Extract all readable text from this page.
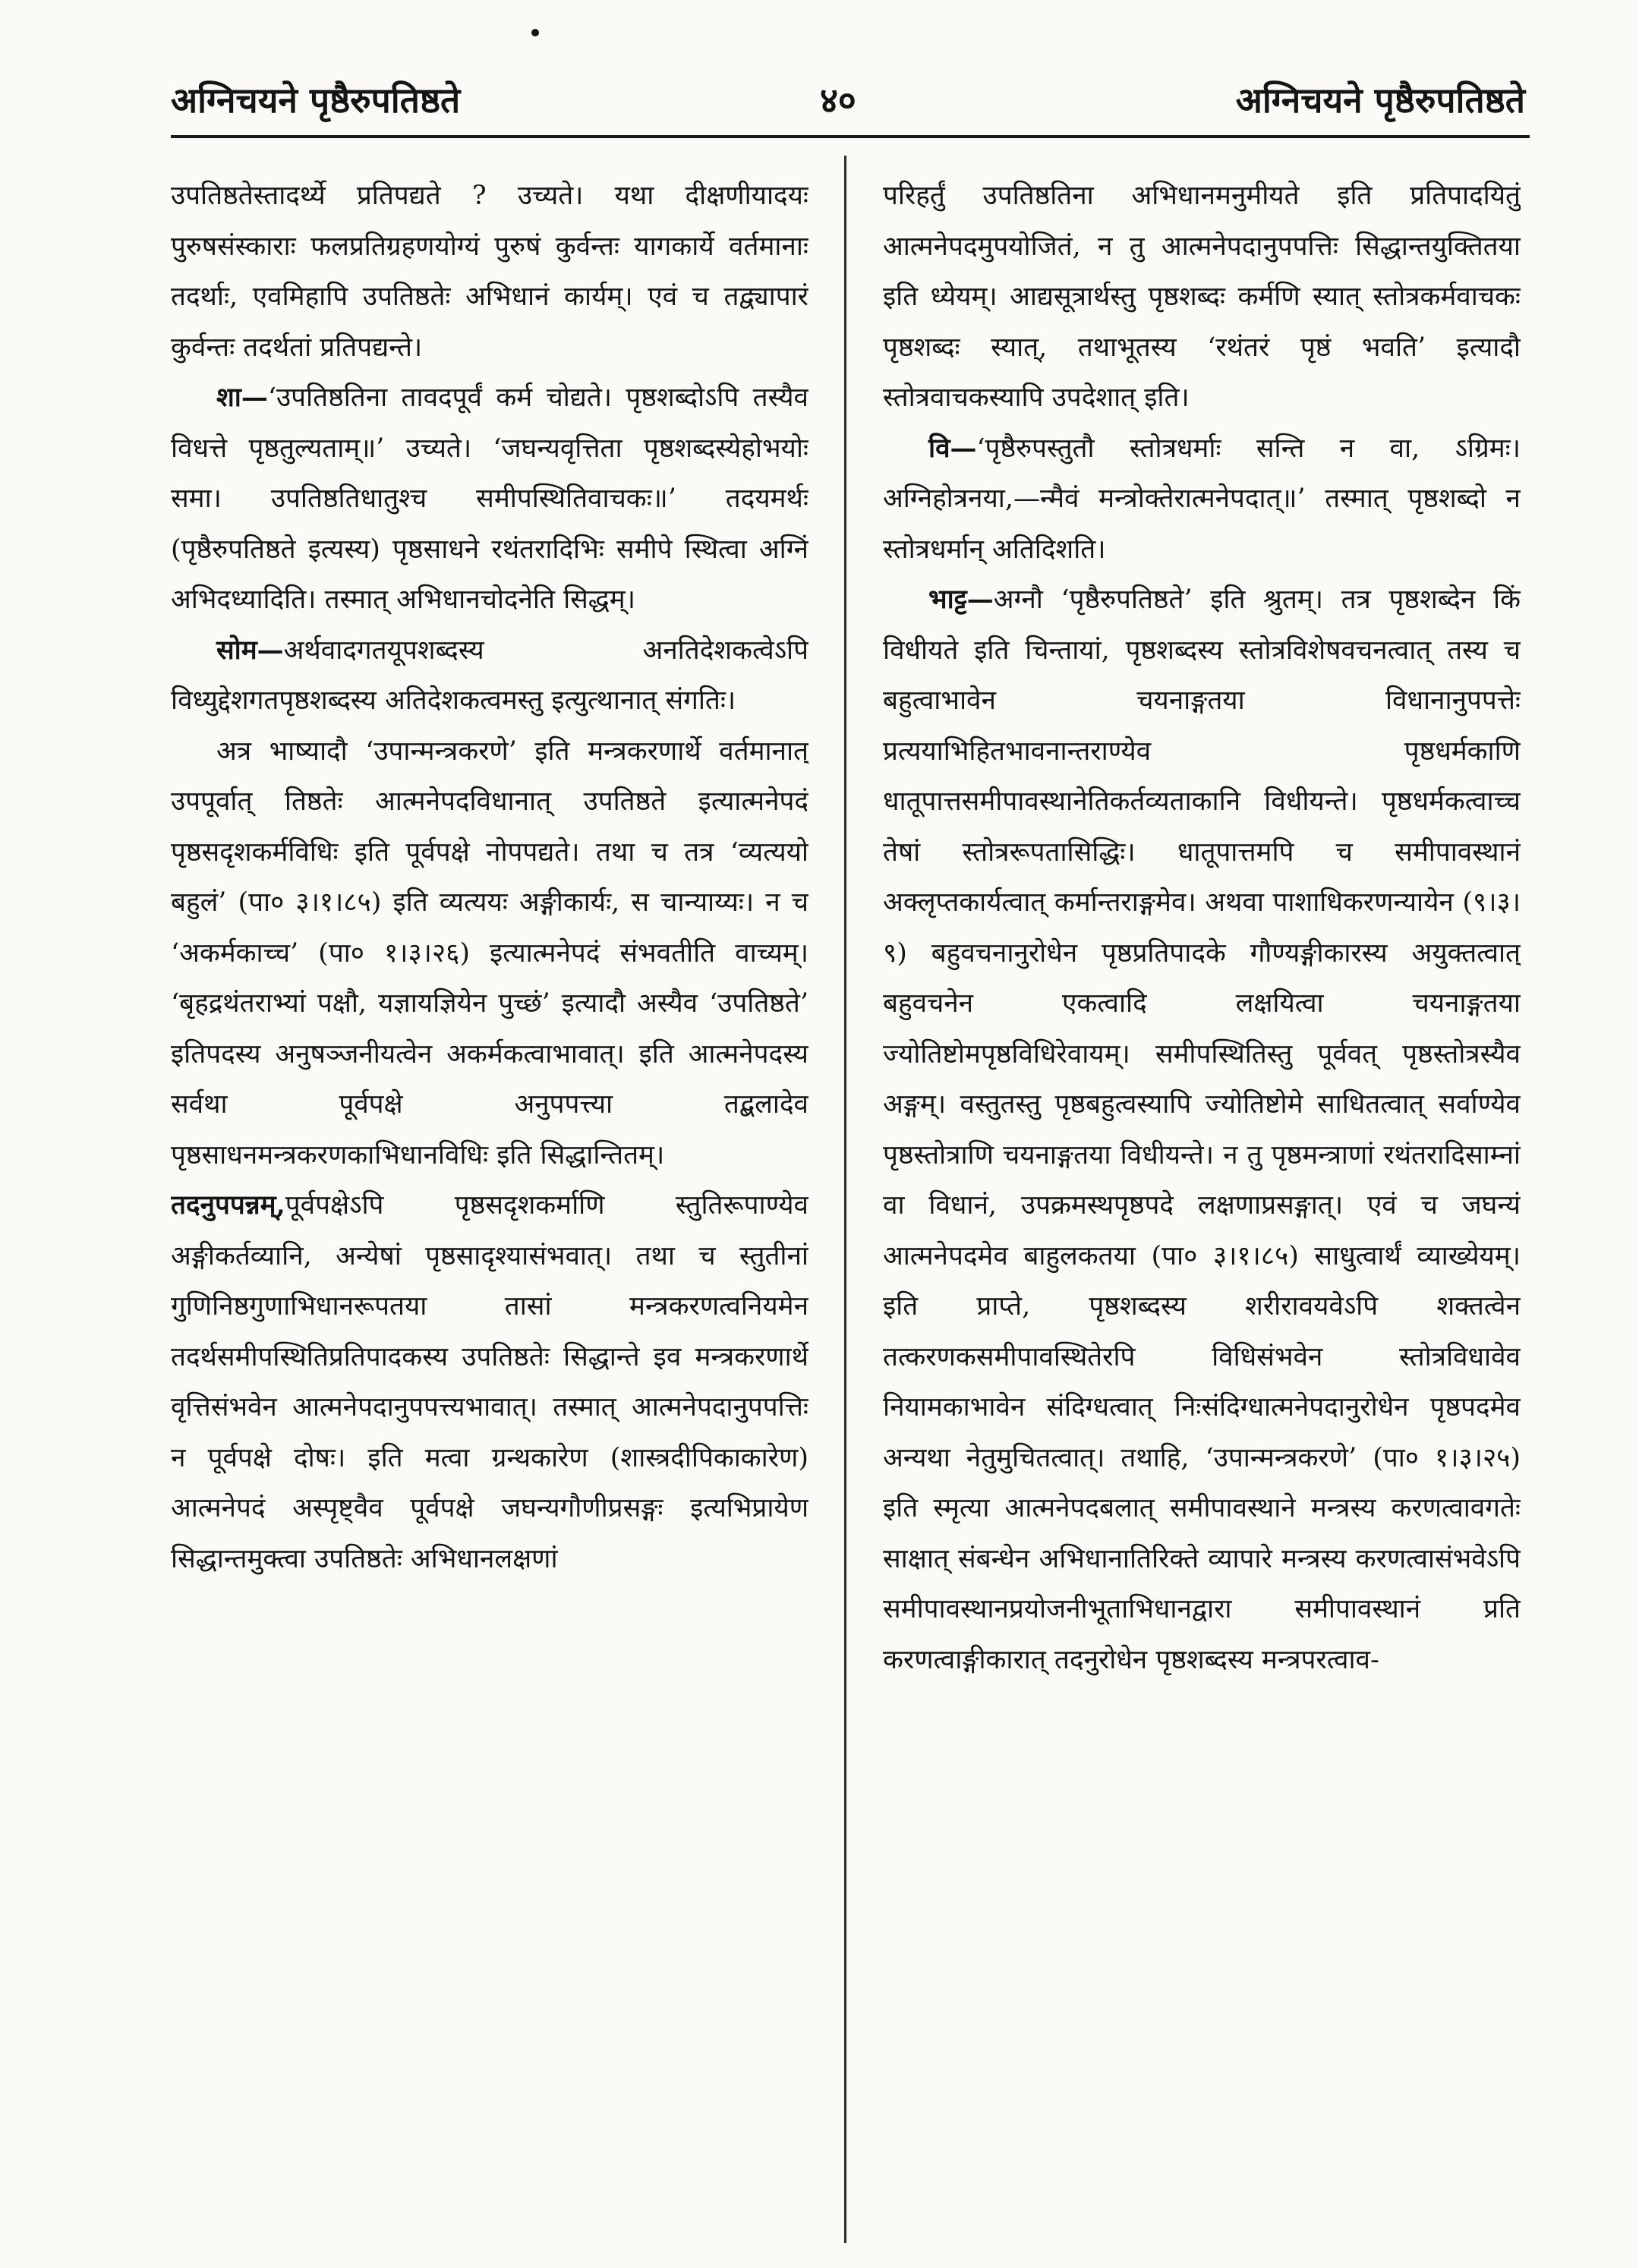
अग्निचयने पृष्ठैरुपतिष्ठते	४०	अग्निचयने पृष्ठैरुपतिष्ठते

उपतिष्ठतेस्तादर्थ्ये प्रतिपद्यते ? उच्यते। यथा दीक्षणीयादयः पुरुषसंस्काराः फलप्रतिग्रहणयोग्यं पुरुषं कुर्वन्तः यागकार्ये वर्तमानाः तदर्थाः, एवमिहापि उपतिष्ठतेः अभिधानं कार्यम्। एवं च तद्व्यापारं कुर्वन्तः तदर्थतां प्रतिपद्यन्ते।

शा—‘उपतिष्ठतिना तावदपूर्वं कर्म चोद्यते। पृष्ठशब्दोऽपि तस्यैव विधत्ते पृष्ठतुल्यताम्॥’ उच्यते। ‘जघन्यवृत्तिता पृष्ठशब्दस्येहोभयोः समा। उपतिष्ठतिधातुश्च समीपस्थितिवाचकः॥’ तदयमर्थः (पृष्ठैरुपतिष्ठते इत्यस्य) पृष्ठसाधने रथंतरादिभिः समीपे स्थित्वा अग्निं अभिदध्यादिति। तस्मात् अभिधानचोदनेति सिद्धम्।

सोम—अर्थवादगतयूपशब्दस्य अनतिदेशकत्वेऽपि विध्युद्देशगतपृष्ठशब्दस्य अतिदेशकत्वमस्तु इत्युत्थानात् संगतिः।

अत्र भाष्यादौ ‘उपान्मन्त्रकरणे’ इति मन्त्रकरणार्थे वर्तमानात् उपपूर्वात् तिष्ठतेः आत्मनेपदविधानात् उपतिष्ठते इत्यात्मनेपदं पृष्ठसदृशकर्मविधिः इति पूर्वपक्षे नोपपद्यते। तथा च तत्र ‘व्यत्ययो बहुलं’ (पा० ३।१।८५) इति व्यत्ययः अङ्गीकार्यः, स चान्याय्यः। न च ‘अकर्मकाच्च’ (पा० १।३।२६) इत्यात्मनेपदं संभवतीति वाच्यम्। ‘बृहद्रथंतराभ्यां पक्षौ, यज्ञायज्ञियेन पुच्छं’ इत्यादौ अस्यैव ‘उपतिष्ठते’ इतिपदस्य अनुषञ्जनीयत्वेन अकर्मकत्वाभावात्। इति आत्मनेपदस्य सर्वथा पूर्वपक्षे अनुपपत्त्या तद्बलादेव पृष्ठसाधनमन्त्रकरणकाभिधानविधिः इति सिद्धान्तितम्।

तदनुपपन्नम्,पूर्वपक्षेऽपि पृष्ठसदृशकर्माणि स्तुतिरूपाण्येव अङ्गीकर्तव्यानि, अन्येषां पृष्ठसादृश्यासंभवात्। तथा च स्तुतीनां गुणिनिष्ठगुणाभिधानरूपतया तासां मन्त्रकरणत्वनियमेन तदर्थसमीपस्थितिप्रतिपादकस्य उपतिष्ठतेः सिद्धान्ते इव मन्त्रकरणार्थे वृत्तिसंभवेन आत्मनेपदानुपपत्त्यभावात्। तस्मात् आत्मनेपदानुपपत्तिः न पूर्वपक्षे दोषः। इति मत्वा ग्रन्थकारेण (शास्त्रदीपिकाकारेण) आत्मनेपदं अस्पृष्ट्वैव पूर्वपक्षे जघन्यगौणीप्रसङ्गः इत्यभिप्रायेण सिद्धान्तमुक्त्वा उपतिष्ठतेः अभिधानलक्षणां

परिहर्तुं उपतिष्ठतिना अभिधानमनुमीयते इति प्रतिपादयितुं आत्मनेपदमुपयोजितं, न तु आत्मनेपदानुपपत्तिः सिद्धान्तयुक्तितया इति ध्येयम्। आद्यसूत्रार्थस्तु पृष्ठशब्दः कर्मणि स्यात् स्तोत्रकर्मवाचकः पृष्ठशब्दः स्यात्, तथाभूतस्य ‘रथंतरं पृष्ठं भवति’ इत्यादौ स्तोत्रवाचकस्यापि उपदेशात् इति।

वि—‘पृष्ठैरुपस्तुतौ स्तोत्रधर्माः सन्ति न वा, ऽग्रिमः। अग्निहोत्रनया,—न्मैवं मन्त्रोक्तेरात्मनेपदात्॥’ तस्मात् पृष्ठशब्दो न स्तोत्रधर्मान् अतिदिशति।

भाट्ट—अग्नौ ‘पृष्ठैरुपतिष्ठते’ इति श्रुतम्। तत्र पृष्ठशब्देन किं विधीयते इति चिन्तायां, पृष्ठशब्दस्य स्तोत्रविशेषवचनत्वात् तस्य च बहुत्वाभावेन चयनाङ्गतया विधानानुपपत्तेः प्रत्ययाभिहितभावनान्तराण्येव पृष्ठधर्मकाणि धातूपात्तसमीपावस्थानेतिकर्तव्यताकानि विधीयन्ते। पृष्ठधर्मकत्वाच्च तेषां स्तोत्ररूपतासिद्धिः। धातूपात्तमपि च समीपावस्थानं अक्लृप्तकार्यत्वात् कर्मान्तराङ्गमेव। अथवा पाशाधिकरणन्यायेन (९।३।९) बहुवचनानुरोधेन पृष्ठप्रतिपादके गौण्यङ्गीकारस्य अयुक्तत्वात् बहुवचनेन एकत्वादि लक्षयित्वा चयनाङ्गतया ज्योतिष्टोमपृष्ठविधिरेवायम्। समीपस्थितिस्तु पूर्ववत् पृष्ठस्तोत्रस्यैव अङ्गम्। वस्तुतस्तु पृष्ठबहुत्वस्यापि ज्योतिष्टोमे साधितत्वात् सर्वाण्येव पृष्ठस्तोत्राणि चयनाङ्गतया विधीयन्ते। न तु पृष्ठमन्त्राणां रथंतरादिसाम्नां वा विधानं, उपक्रमस्थपृष्ठपदे लक्षणाप्रसङ्गात्। एवं च जघन्यं आत्मनेपदमेव बाहुलकतया (पा० ३।१।८५) साधुत्वार्थं व्याख्येयम्। इति प्राप्ते, पृष्ठशब्दस्य शरीरावयवेऽपि शक्तत्वेन तत्करणकसमीपावस्थितेरपि विधिसंभवेन स्तोत्रविधावेव नियामकाभावेन संदिग्धत्वात् निःसंदिग्धात्मनेपदानुरोधेन पृष्ठपदमेव अन्यथा नेतुमुचितत्वात्। तथाहि, ‘उपान्मन्त्रकरणे’ (पा० १।३।२५) इति स्मृत्या आत्मनेपदबलात् समीपावस्थाने मन्त्रस्य करणत्वावगतेः साक्षात् संबन्धेन अभिधानातिरिक्ते व्यापारे मन्त्रस्य करणत्वासंभवेऽपि समीपावस्थानप्रयोजनीभूताभिधानद्वारा समीपावस्थानं प्रति करणत्वाङ्गीकारात् तदनुरोधेन पृष्ठशब्दस्य मन्त्रपरत्वाव-
